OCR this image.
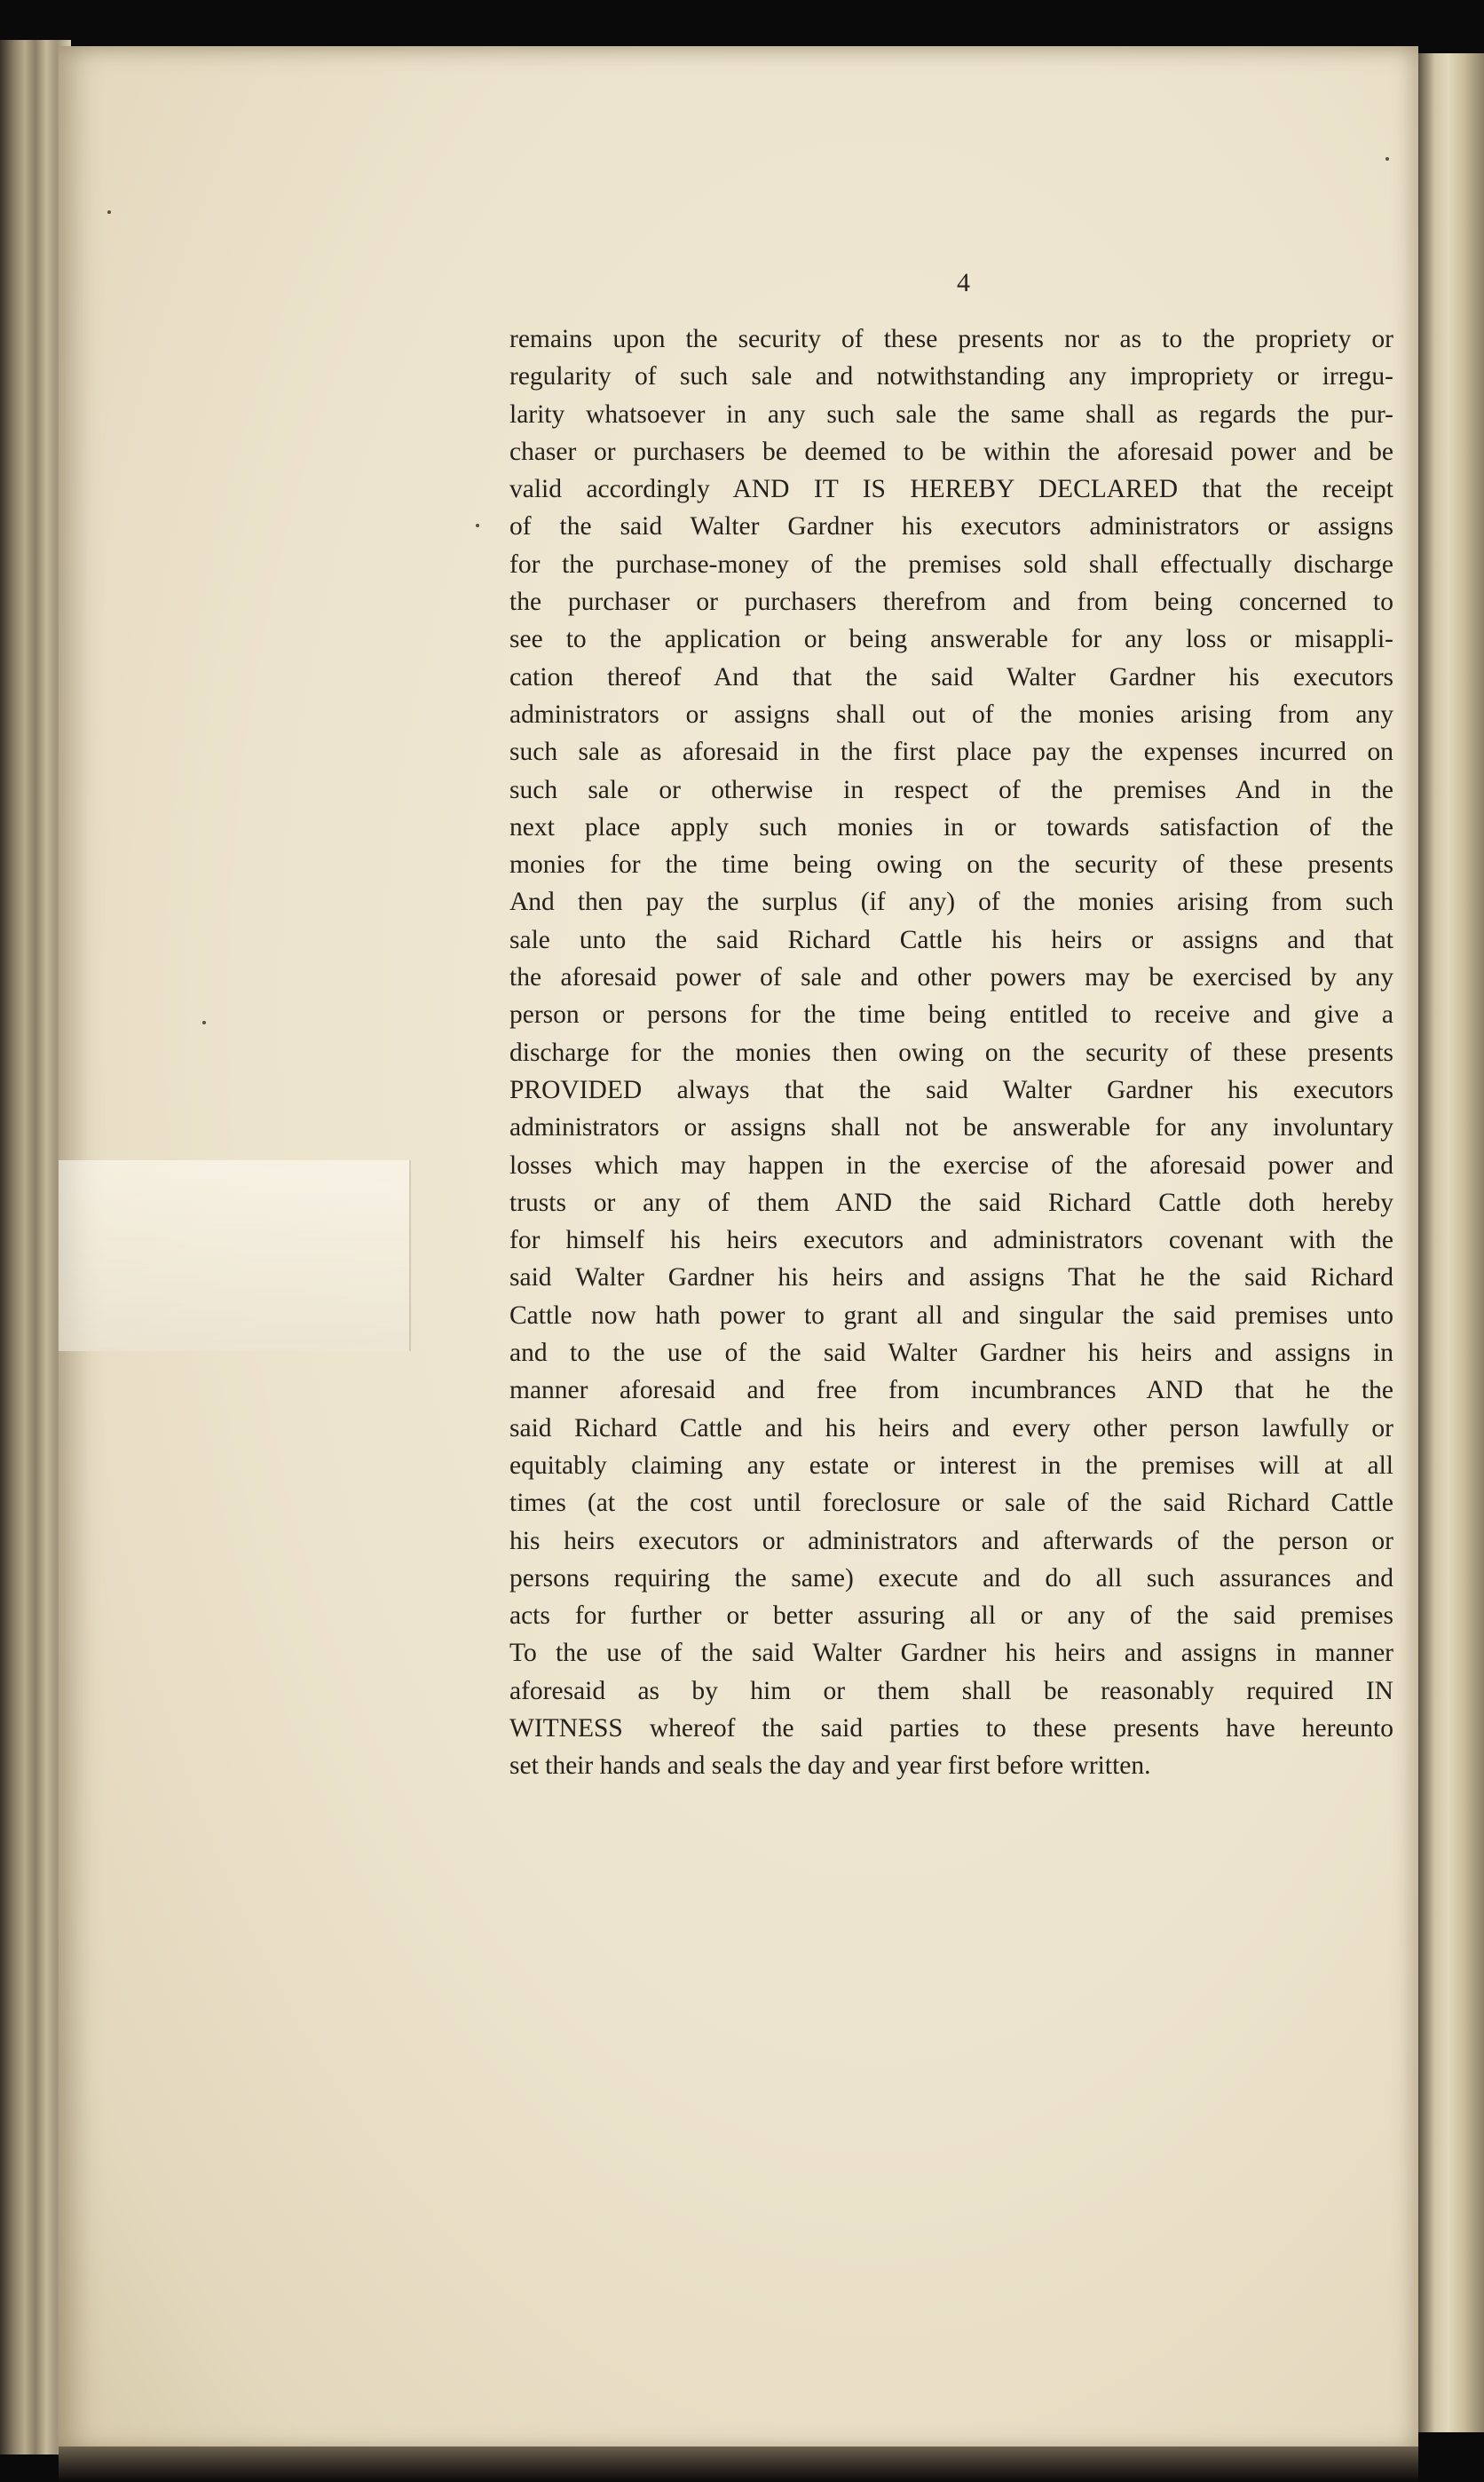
4
remains upon the security of these presents nor as to the propriety or
regularity of such sale and notwithstanding any impropriety or irregu-
larity whatsoever in any such sale the same shall as regards the pur-
chaser or purchasers be deemed to be within the aforesaid power and be
valid accordingly AND IT IS HEREBY DECLARED that the receipt
of the said Walter Gardner his executors administrators or assigns
for the purchase-money of the premises sold shall effectually discharge
the purchaser or purchasers therefrom and from being concerned to
see to the application or being answerable for any loss or misappli-
cation thereof And that the said Walter Gardner his executors
administrators or assigns shall out of the monies arising from any
such sale as aforesaid in the first place pay the expenses incurred on
such sale or otherwise in respect of the premises And in the
next place apply such monies in or towards satisfaction of the
monies for the time being owing on the security of these presents
And then pay the surplus (if any) of the monies arising from such
sale unto the said Richard Cattle his heirs or assigns and that
the aforesaid power of sale and other powers may be exercised by any
person or persons for the time being entitled to receive and give a
discharge for the monies then owing on the security of these presents
PROVIDED always that the said Walter Gardner his executors
administrators or assigns shall not be answerable for any involuntary
losses which may happen in the exercise of the aforesaid power and
trusts or any of them AND the said Richard Cattle doth hereby
for himself his heirs executors and administrators covenant with the
said Walter Gardner his heirs and assigns That he the said Richard
Cattle now hath power to grant all and singular the said premises unto
and to the use of the said Walter Gardner his heirs and assigns in
manner aforesaid and free from incumbrances AND that he the
said Richard Cattle and his heirs and every other person lawfully or
equitably claiming any estate or interest in the premises will at all
times (at the cost until foreclosure or sale of the said Richard Cattle
his heirs executors or administrators and afterwards of the person or
persons requiring the same) execute and do all such assurances and
acts for further or better assuring all or any of the said premises
To the use of the said Walter Gardner his heirs and assigns in manner
aforesaid as by him or them shall be reasonably required IN
WITNESS whereof the said parties to these presents have hereunto
set their hands and seals the day and year first before written.
